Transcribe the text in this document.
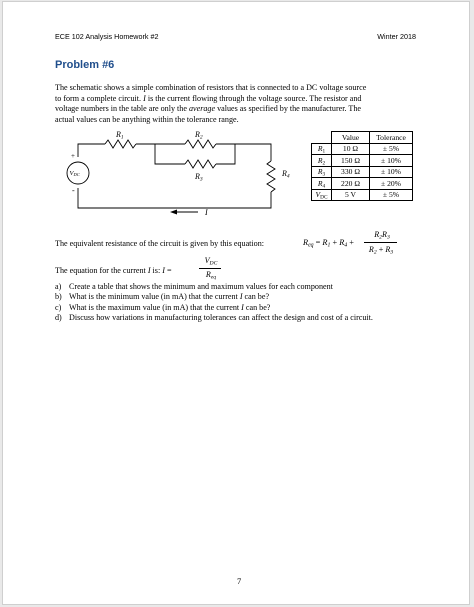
ECE 102 Analysis Homework #2	Winter 2018
Problem #6
The schematic shows a simple combination of resistors that is connected to a DC voltage source
to form a complete circuit. I is the current flowing through the voltage source. The resistor and
voltage numbers in the table are only the average values as specified by the manufacturer. The
actual values can be anything within the tolerance range.
R1	R2
R3
R4
VDC
+
-
I
	Value	Tolerance
$R_1$	10 Ω	± 5%
$R_2$	150 Ω	± 10%
$R_3$	330 Ω	± 10%
$R_4$	220 Ω	± 20%
$V_{DC}$	5 V	± 5%
The equivalent resistance of the circuit is given by this equation:	$R_{eq} = R_1 + R_4$ +
$R_2R_3$
$R_2 + R_3$
The equation for the current I is: I =
$V_{DC}$
$R_{eq}$
a) Create a table that shows the minimum and maximum values for each component
b) What is the minimum value (in mA) that the current I can be?
c) What is the maximum value (in mA) that the current I can be?
d) Discuss how variations in manufacturing tolerances can affect the design and cost of a circuit.
7
